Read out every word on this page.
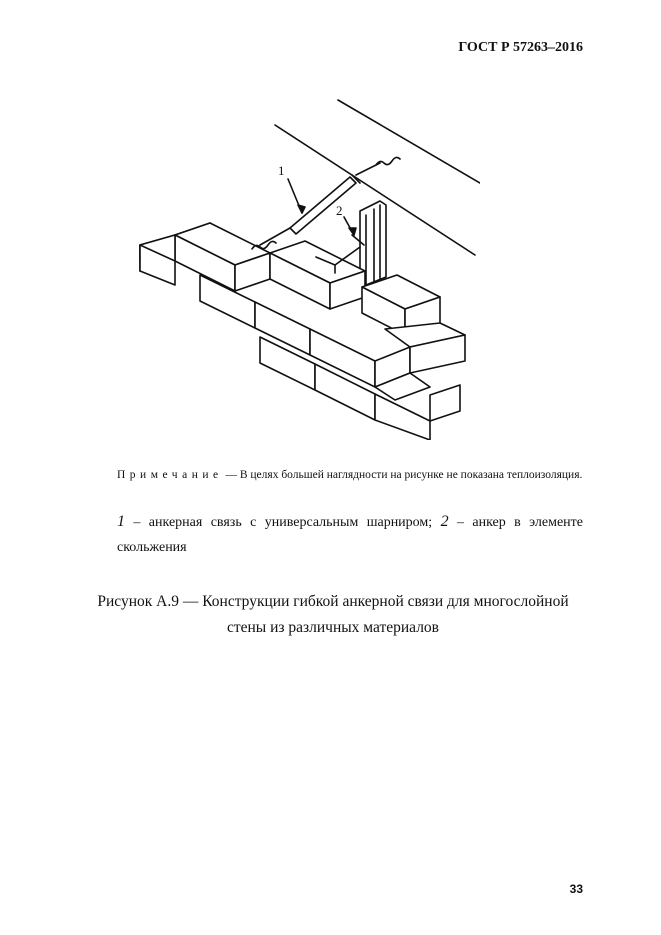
ГОСТ Р 57263–2016
1
2
Примечание — В целях большей наглядности на рисунке не показана теплоизоляция.
1 – анкерная связь с универсальным шарниром; 2 – анкер в элементе скольжения
Рисунок А.9 — Конструкции гибкой анкерной связи для многослойной
стены из различных материалов
33
